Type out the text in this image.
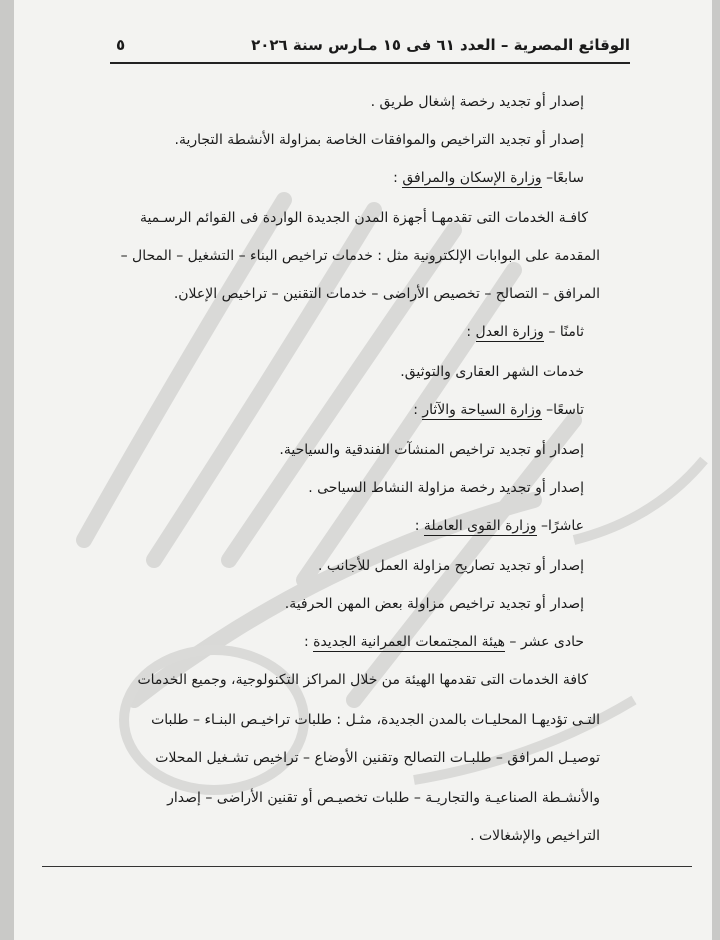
الوقائع المصرية – العدد ٦١ فى ١٥ مـارس سنة ٢٠٢٦
٥
إصدار أو تجديد رخصة إشغال طريق .
إصدار أو تجديد التراخيص والموافقات الخاصة بمزاولة الأنشطة التجارية.
سابعًا– وزارة الإسكان والمرافق :
كافـة الخدمات التى تقدمهـا أجهزة المدن الجديدة الواردة فى القوائم الرسـمية
المقدمة على البوابات الإلكترونية مثل : خدمات تراخيص البناء – التشغيل – المحال –
المرافق – التصالح – تخصيص الأراضى – خدمات التقنين – تراخيص الإعلان.
ثامنًا – وزارة العدل :
خدمات الشهر العقارى والتوثيق.
تاسعًا– وزارة السياحة والآثار :
إصدار أو تجديد تراخيص المنشآت الفندقية والسياحية.
إصدار أو تجديد رخصة مزاولة النشاط السياحى .
عاشرًا– وزارة القوى العاملة :
إصدار أو تجديد تصاريح مزاولة العمل للأجانب .
إصدار أو تجديد تراخيص مزاولة بعض المهن الحرفية.
حادى عشر – هيئة المجتمعات العمرانية الجديدة :
كافة الخدمات التى تقدمها الهيئة من خلال المراكز التكنولوجية، وجميع الخدمات
التـى تؤديهـا المحليـات بالمدن الجديدة، مثـل : طلبات تراخيـص البنـاء – طلبات
توصيـل المرافق – طلبـات التصالح وتقنين الأوضاع – تراخيص تشـغيل المحلات
والأنشـطة الصناعيـة والتجاريـة – طلبات تخصيـص أو تقنين الأراضى – إصدار
التراخيص والإشغالات .
